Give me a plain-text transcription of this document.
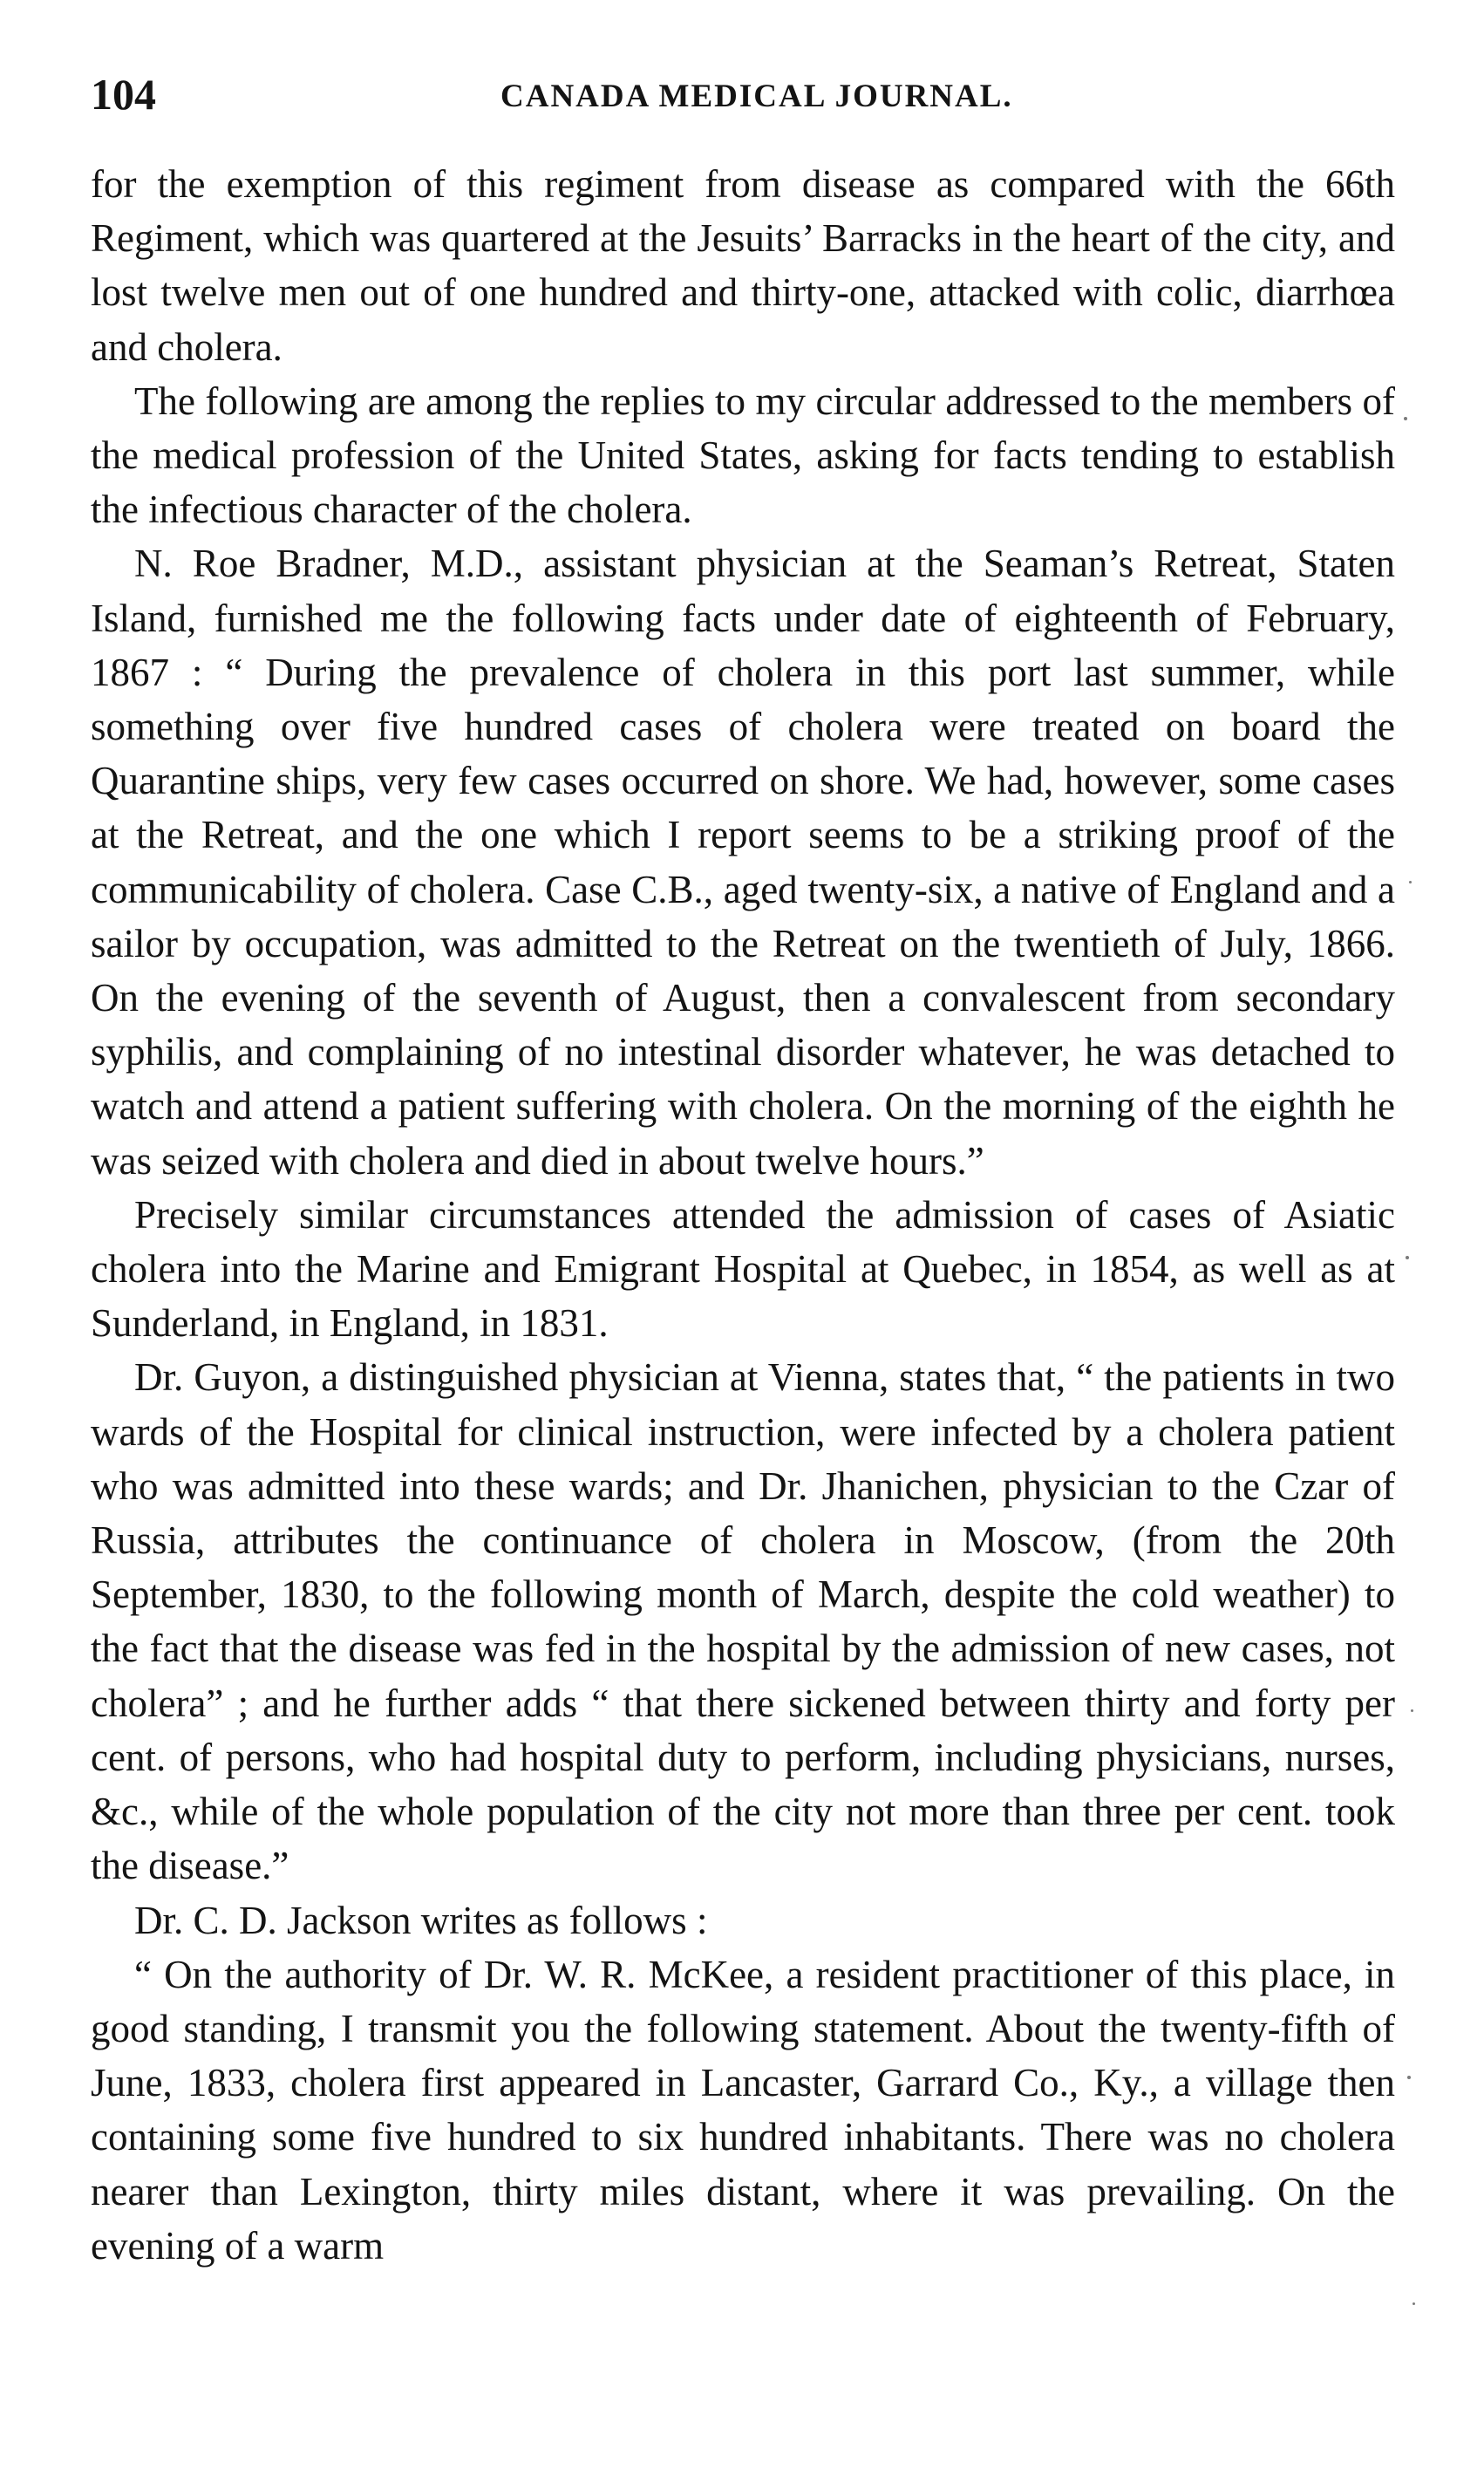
104	CANADA MEDICAL JOURNAL.

for the exemption of this regiment from disease as compared with the 66th Regiment, which was quartered at the Jesuits’ Barracks in the heart of the city, and lost twelve men out of one hundred and thirty-one, attacked with colic, diarrhœa and cholera.

The following are among the replies to my circular addressed to the members of the medical profession of the United States, asking for facts tending to establish the infectious character of the cholera.

N. Roe Bradner, M.D., assistant physician at the Seaman’s Retreat, Staten Island, furnished me the following facts under date of eighteenth of February, 1867 : “ During the prevalence of cholera in this port last summer, while something over five hundred cases of cholera were treated on board the Quarantine ships, very few cases occurred on shore. We had, however, some cases at the Retreat, and the one which I report seems to be a striking proof of the communicability of cholera. Case C.B., aged twenty-six, a native of England and a sailor by occupation, was admitted to the Retreat on the twentieth of July, 1866. On the evening of the seventh of August, then a convalescent from secondary syphilis, and complaining of no intestinal disorder whatever, he was detached to watch and attend a patient suffering with cholera. On the morning of the eighth he was seized with cholera and died in about twelve hours.”

Precisely similar circumstances attended the admission of cases of Asiatic cholera into the Marine and Emigrant Hospital at Quebec, in 1854, as well as at Sunderland, in England, in 1831.

Dr. Guyon, a distinguished physician at Vienna, states that, “ the patients in two wards of the Hospital for clinical instruction, were infected by a cholera patient who was admitted into these wards; and Dr. Jhanichen, physician to the Czar of Russia, attributes the continuance of cholera in Moscow, (from the 20th September, 1830, to the following month of March, despite the cold weather) to the fact that the disease was fed in the hospital by the admission of new cases, not cholera” ; and he further adds “ that there sickened between thirty and forty per cent. of persons, who had hospital duty to perform, including physicians, nurses, &c., while of the whole population of the city not more than three per cent. took the disease.”

Dr. C. D. Jackson writes as follows :

“ On the authority of Dr. W. R. McKee, a resident practitioner of this place, in good standing, I transmit you the following statement. About the twenty-fifth of June, 1833, cholera first appeared in Lancaster, Garrard Co., Ky., a village then containing some five hundred to six hundred inhabitants. There was no cholera nearer than Lexington, thirty miles distant, where it was prevailing. On the evening of a warm
